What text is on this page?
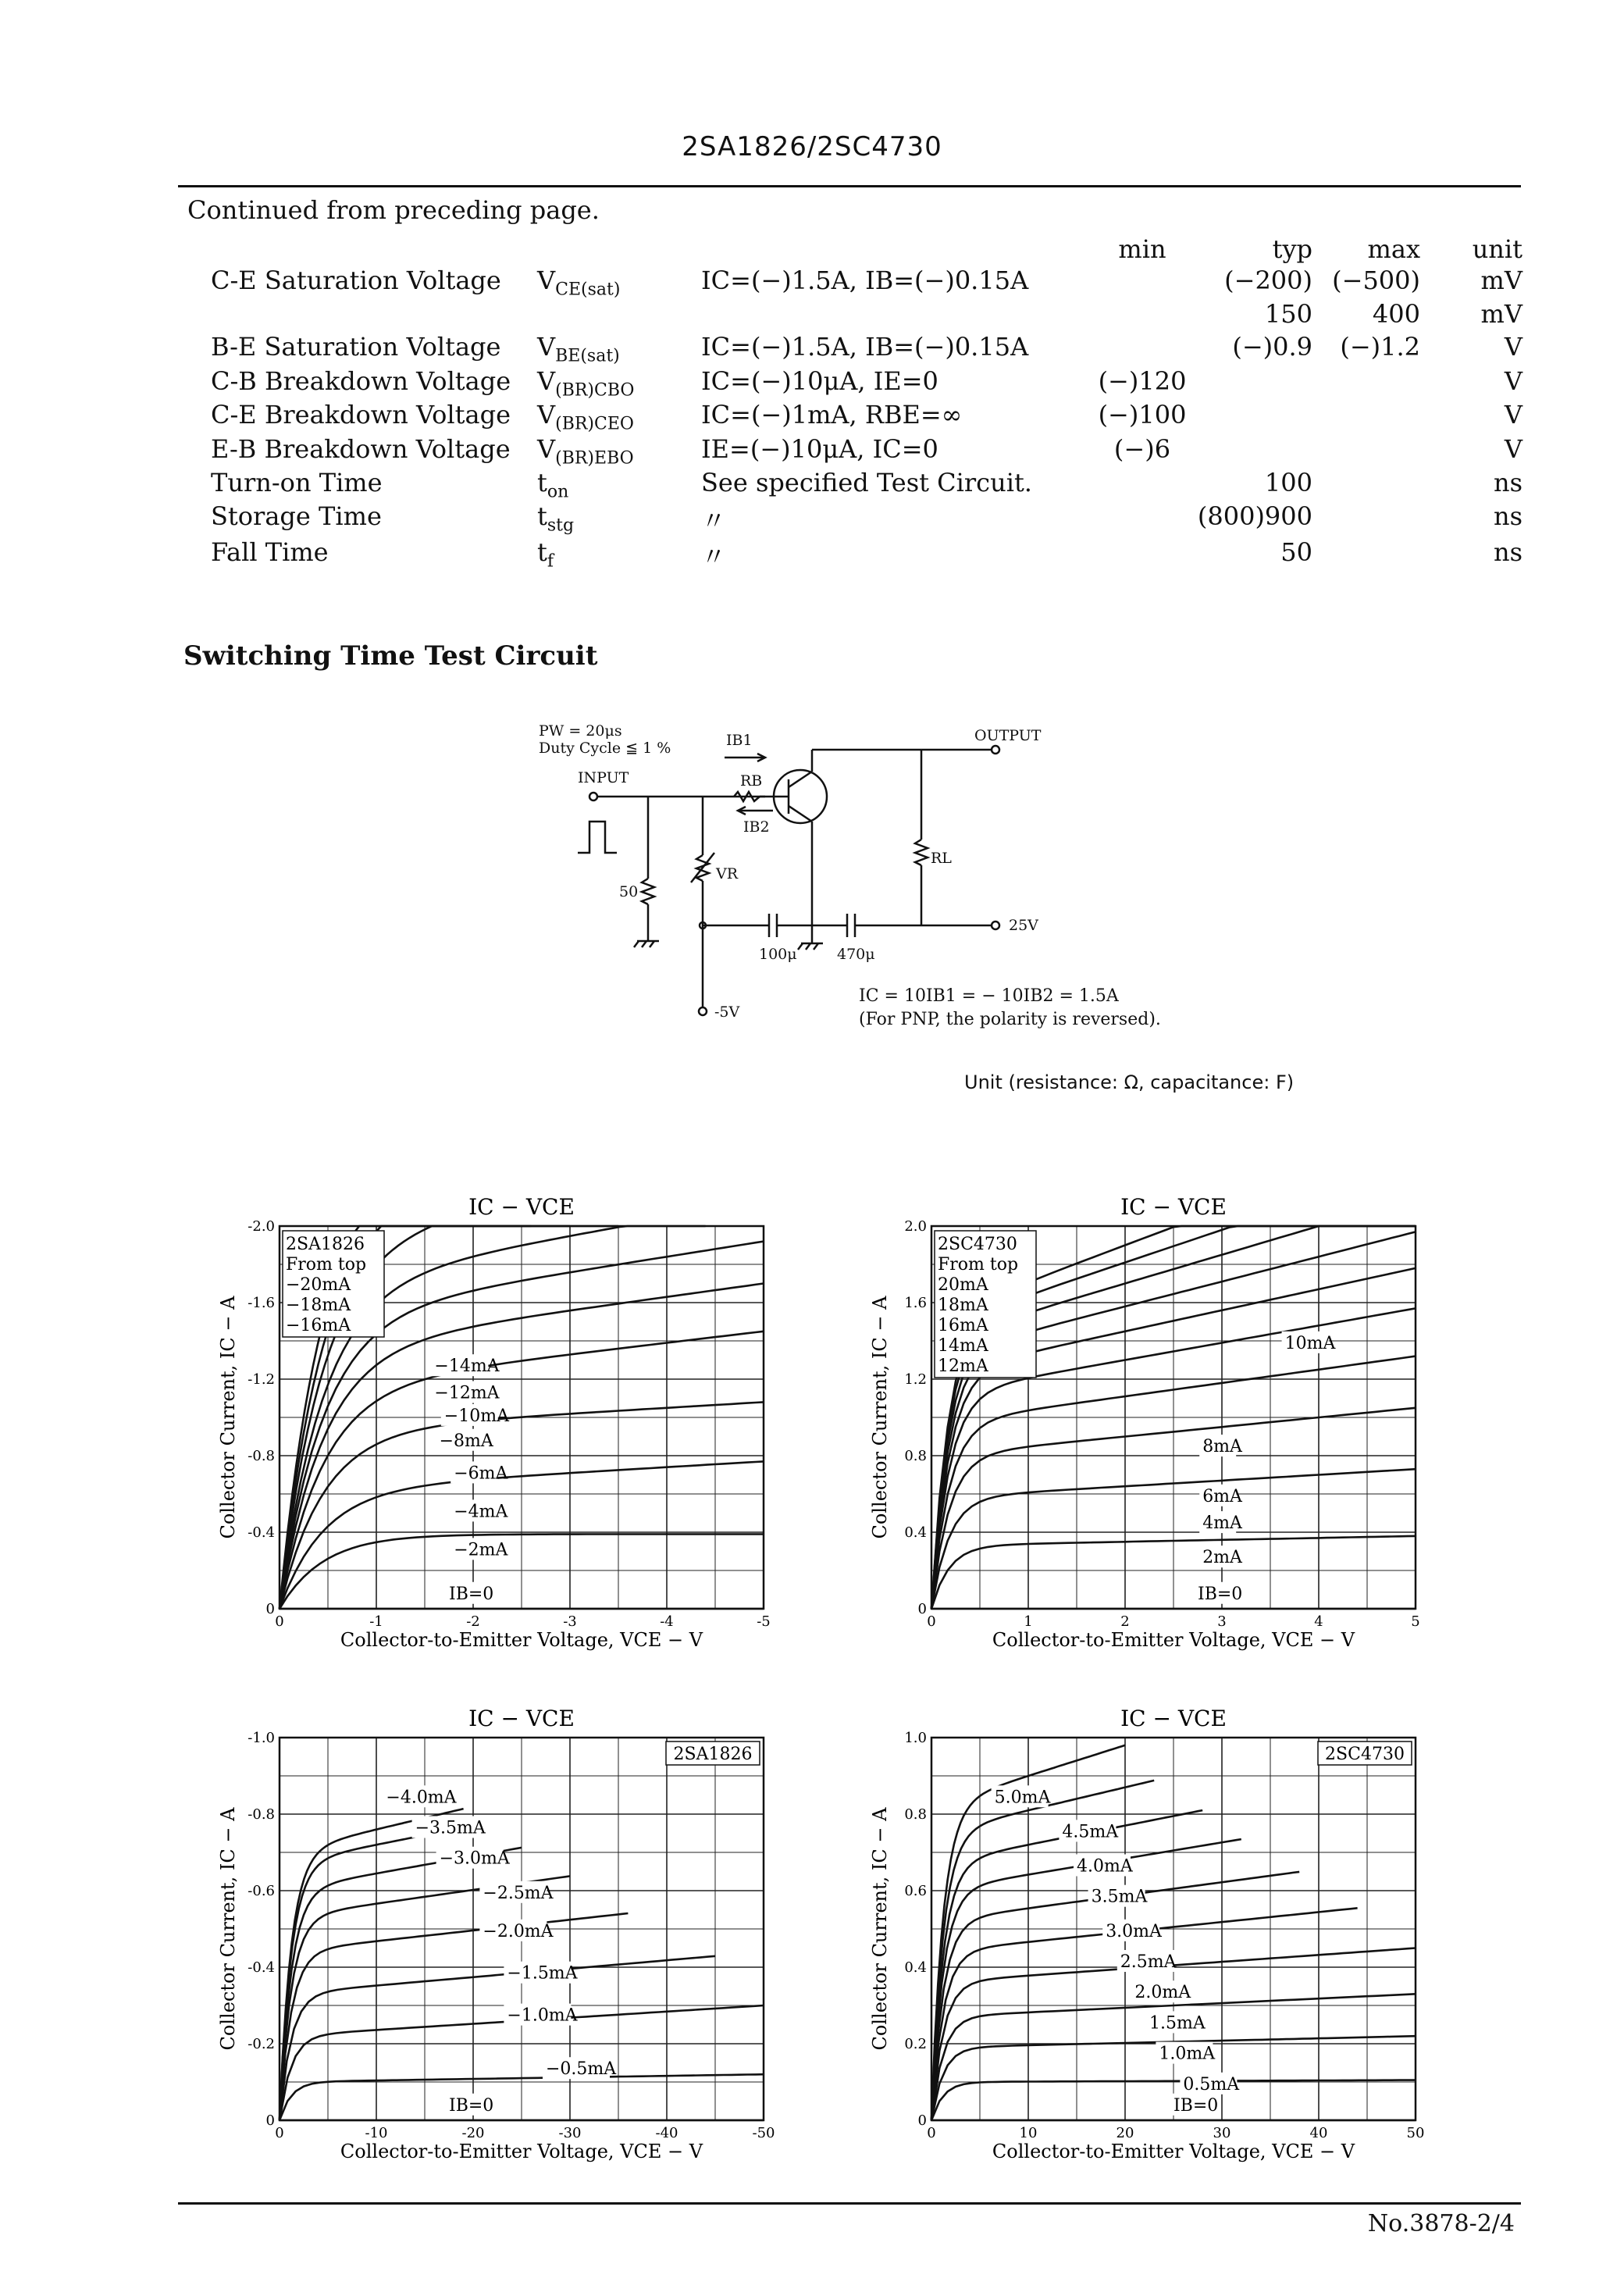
2SA1826/2SC4730
Continued from preceding page.
			min	typ	max	unit
C-E Saturation Voltage	$V_{CE(sat)}$	IC=(−)1.5A, IB=(−)0.15A		(−200)	(−500)	mV
				150	400	mV
B-E Saturation Voltage	$V_{BE(sat)}$	IC=(−)1.5A, IB=(−)0.15A		(−)0.9	(−)1.2	V
C-B Breakdown Voltage	$V_{(BR)CBO}$	IC=(−)10μA, IE=0	(−)120			V
C-E Breakdown Voltage	$V_{(BR)CEO}$	IC=(−)1mA, RBE=∞	(−)100			V
E-B Breakdown Voltage	$V_{(BR)EBO}$	IE=(−)10μA, IC=0	(−)6			V
Turn-on Time	$t_{on}$	See specified Test Circuit.		100		ns
Storage Time	$t_{stg}$	〃		(800)900		ns
Fall Time	$t_f$	〃		50		ns
Switching Time Test Circuit
PW = 20μs
Duty Cycle ≦ 1 %
INPUT
IB1
RB
IB2
VR
50
OUTPUT
RL
25V
-5V
100μ	470μ
IC = 10IB1 = − 10IB2 = 1.5A
(For PNP, the polarity is reversed).
Unit (resistance: Ω, capacitance: F)
IC − VCE
0	-1	-2	-3	-4	-5
0
-0.4
-0.8
-1.2
-1.6
-2.0
Collector-to-Emitter Voltage, VCE − V
Collector Current, IC − A
IB=0
−2mA
−4mA
−6mA
−8mA
−10mA
−12mA
−14mA
2SA1826
From top
−20mA
−18mA
−16mA
IC − VCE
0	1	2	3	4	5
0
0.4
0.8
1.2
1.6
2.0
Collector-to-Emitter Voltage, VCE − V
Collector Current, IC − A
IB=0
2mA
4mA
6mA
8mA
10mA
2SC4730
From top
20mA
18mA
16mA
14mA
12mA
IC − VCE
0	-10	-20	-30	-40	-50
0
-0.2
-0.4
-0.6
-0.8
-1.0
Collector-to-Emitter Voltage, VCE − V
Collector Current, IC − A
IB=0
−0.5mA
−1.0mA
−1.5mA
−2.0mA
−2.5mA
−3.0mA
−3.5mA
−4.0mA
2SA1826
IC − VCE
0	10	20	30	40	50
0
0.2
0.4
0.6
0.8
1.0
Collector-to-Emitter Voltage, VCE − V
Collector Current, IC − A
IB=0
0.5mA
1.0mA
1.5mA
2.0mA
2.5mA
3.0mA
3.5mA
4.0mA
4.5mA
5.0mA
2SC4730
No.3878-2/4
